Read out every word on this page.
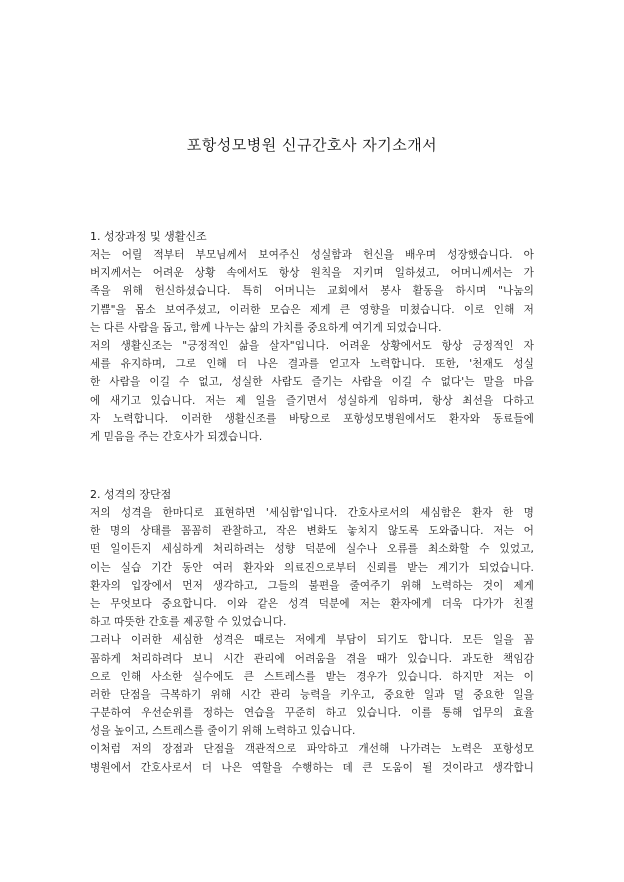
포항성모병원 신규간호사 자기소개서
1. 성장과정 및 생활신조
저는 어릴 적부터 부모님께서 보여주신 성실함과 헌신을 배우며 성장했습니다. 아
버지께서는 어려운 상황 속에서도 항상 원칙을 지키며 일하셨고, 어머니께서는 가
족을 위해 헌신하셨습니다. 특히 어머니는 교회에서 봉사 활동을 하시며 "나눔의
기쁨"을 몸소 보여주셨고, 이러한 모습은 제게 큰 영향을 미쳤습니다. 이로 인해 저
는 다른 사람을 돕고, 함께 나누는 삶의 가치를 중요하게 여기게 되었습니다.
저의 생활신조는 "긍정적인 삶을 살자"입니다. 어려운 상황에서도 항상 긍정적인 자
세를 유지하며, 그로 인해 더 나은 결과를 얻고자 노력합니다. 또한, '천재도 성실
한 사람을 이길 수 없고, 성실한 사람도 즐기는 사람을 이길 수 없다'는 말을 마음
에 새기고 있습니다. 저는 제 일을 즐기면서 성실하게 임하며, 항상 최선을 다하고
자 노력합니다. 이러한 생활신조를 바탕으로 포항성모병원에서도 환자와 동료들에
게 믿음을 주는 간호사가 되겠습니다.
2. 성격의 장단점
저의 성격을 한마디로 표현하면 '세심함'입니다. 간호사로서의 세심함은 환자 한 명
한 명의 상태를 꼼꼼히 관찰하고, 작은 변화도 놓치지 않도록 도와줍니다. 저는 어
떤 일이든지 세심하게 처리하려는 성향 덕분에 실수나 오류를 최소화할 수 있었고,
이는 실습 기간 동안 여러 환자와 의료진으로부터 신뢰를 받는 계기가 되었습니다.
환자의 입장에서 먼저 생각하고, 그들의 불편을 줄여주기 위해 노력하는 것이 제게
는 무엇보다 중요합니다. 이와 같은 성격 덕분에 저는 환자에게 더욱 다가가 친절
하고 따뜻한 간호를 제공할 수 있었습니다.
그러나 이러한 세심한 성격은 때로는 저에게 부담이 되기도 합니다. 모든 일을 꼼
꼼하게 처리하려다 보니 시간 관리에 어려움을 겪을 때가 있습니다. 과도한 책임감
으로 인해 사소한 실수에도 큰 스트레스를 받는 경우가 있습니다. 하지만 저는 이
러한 단점을 극복하기 위해 시간 관리 능력을 키우고, 중요한 일과 덜 중요한 일을
구분하여 우선순위를 정하는 연습을 꾸준히 하고 있습니다. 이를 통해 업무의 효율
성을 높이고, 스트레스를 줄이기 위해 노력하고 있습니다.
이처럼 저의 장점과 단점을 객관적으로 파악하고 개선해 나가려는 노력은 포항성모
병원에서 간호사로서 더 나은 역할을 수행하는 데 큰 도움이 될 것이라고 생각합니
